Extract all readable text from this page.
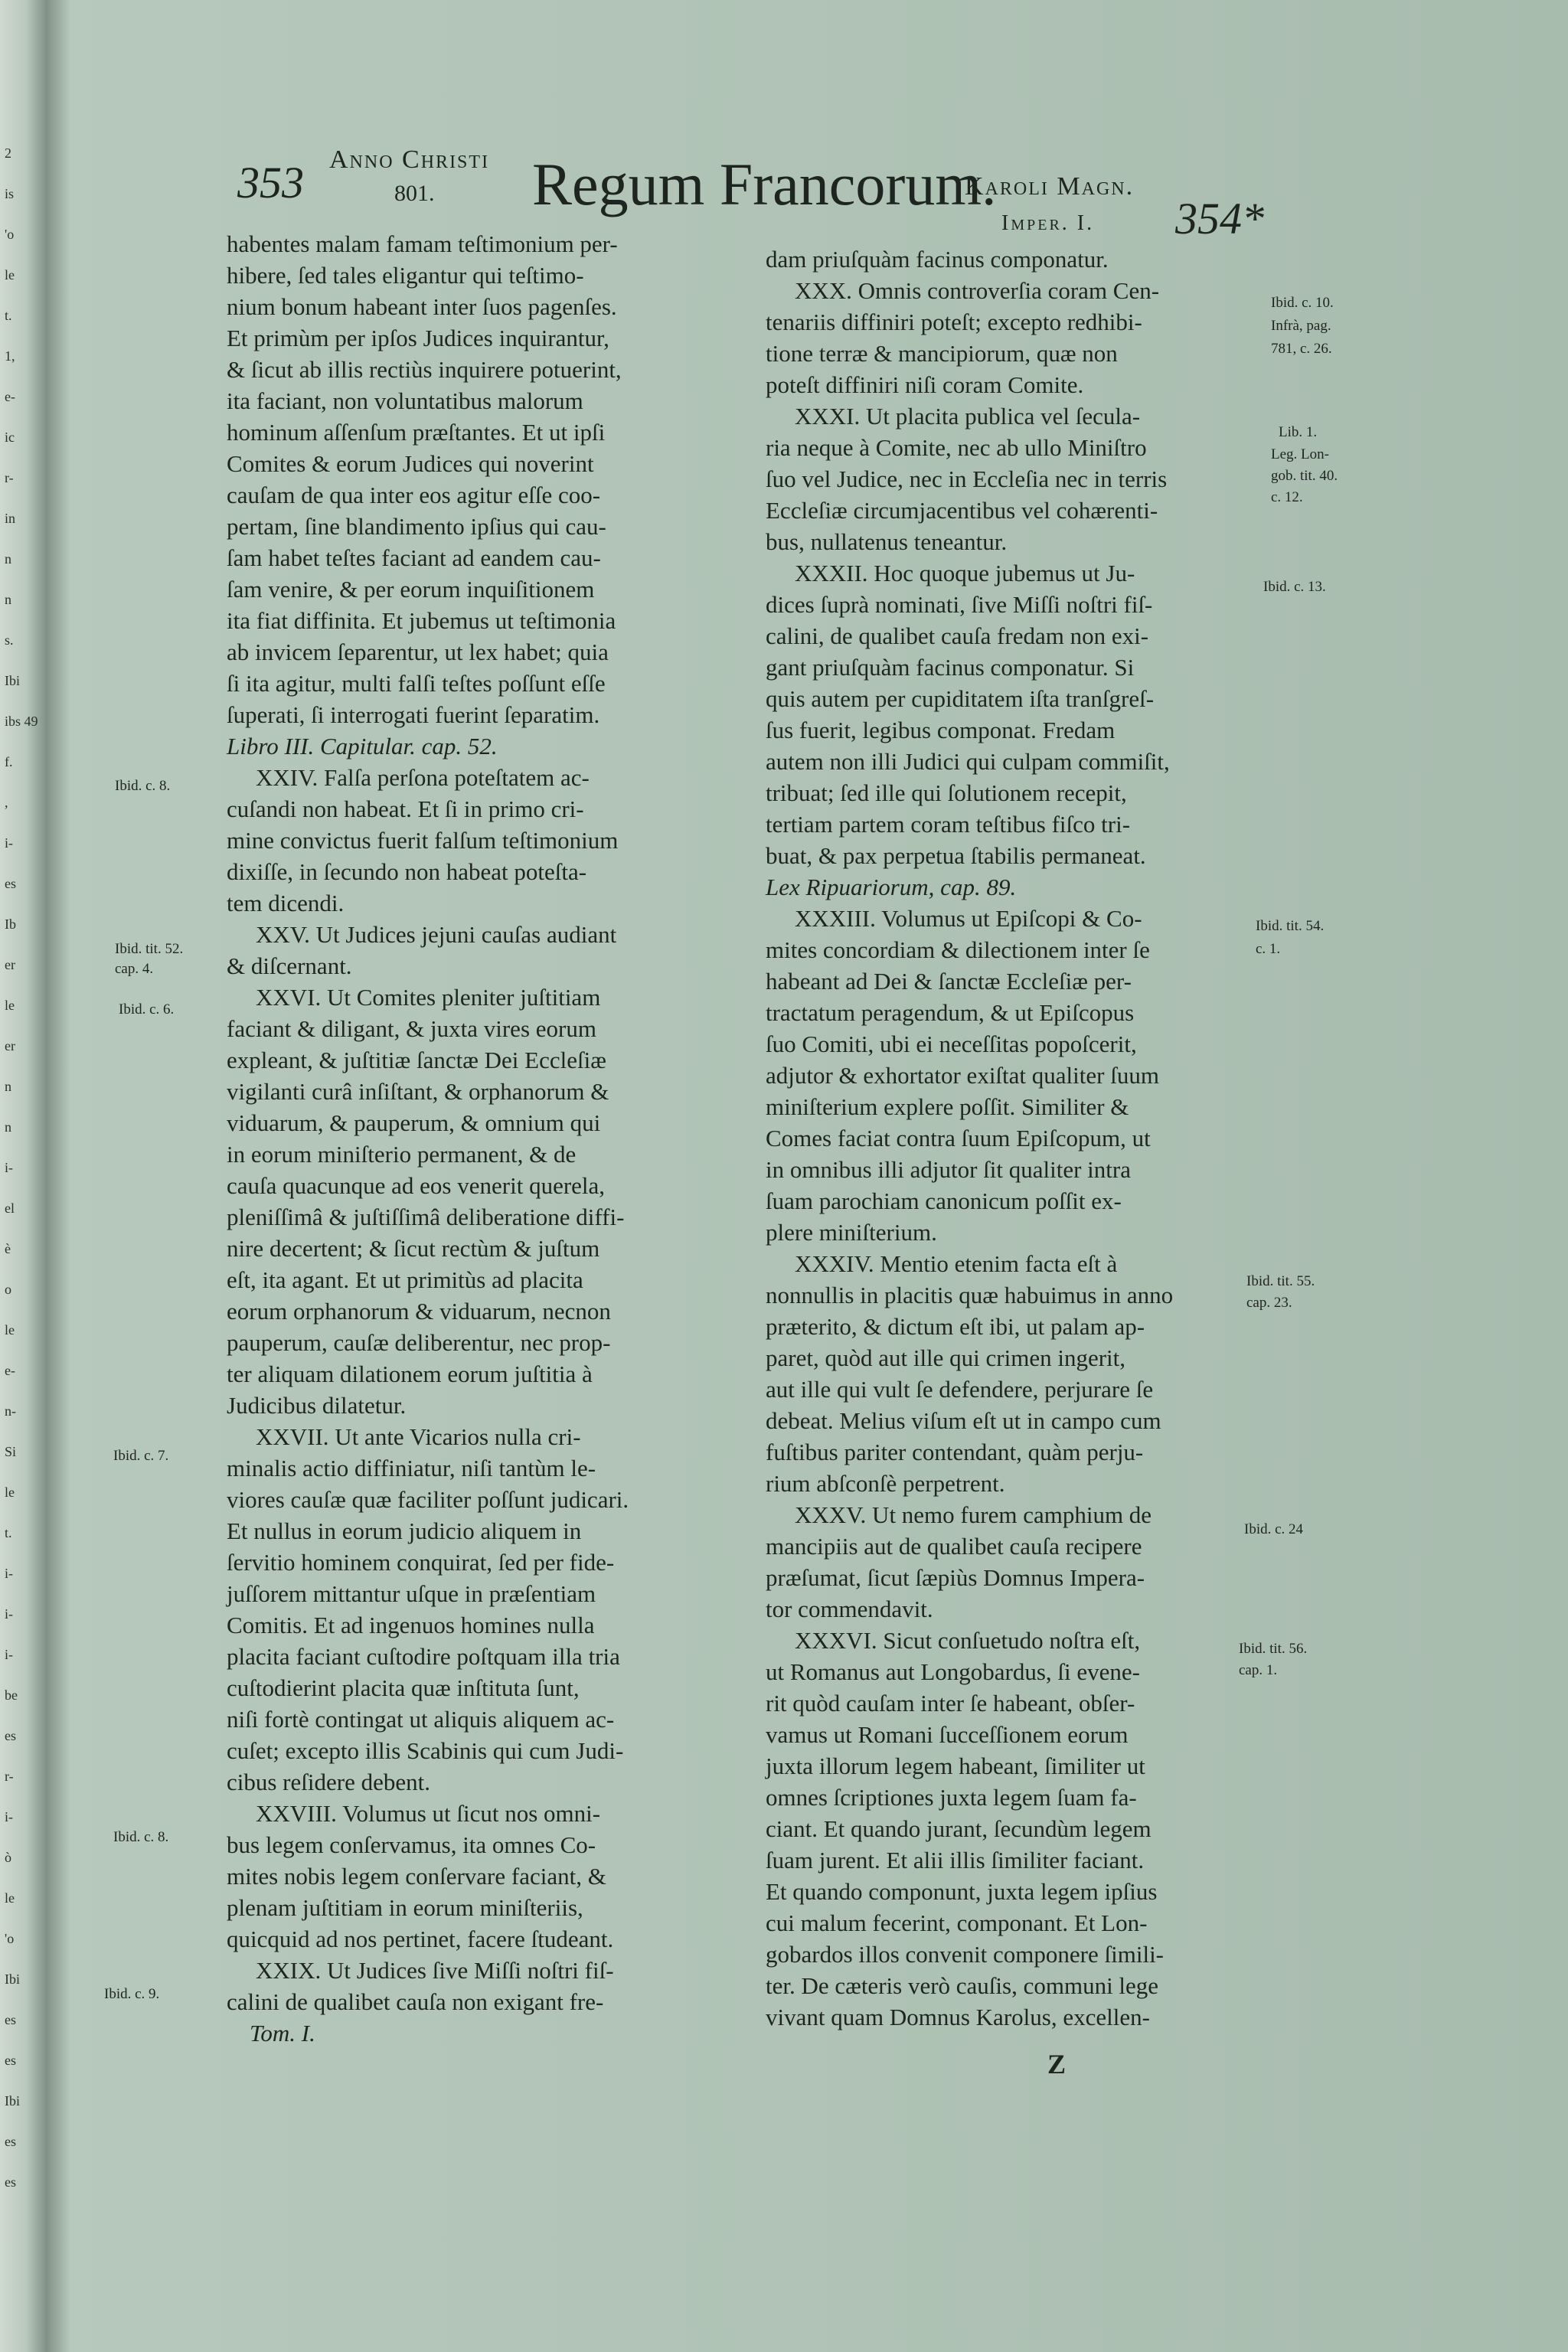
2
is
'o
le
t.
1,
e-
ic
r-
in
n
n
s.
Ibi
ibs 49
f.
,
i-
es
Ib
er
le
er
n
n
i-
el
è
o
le
e-
n-
Si
le
t.
i-
i-
i-
be
es
r-
i-
ò
le
'o
Ibi
es
es
Ibi
es
es
353 Anno Christi
801. Regum Francorum.
Karoli Magn.
Imper. I. 354*

habentes malam famam teſtimonium per-

hibere, ſed tales eligantur qui teſtimo-

nium bonum habeant inter ſuos pagenſes.

Et primùm per ipſos Judices inquirantur,

& ſicut ab illis rectiùs inquirere potuerint,

ita faciant, non voluntatibus malorum

hominum aſſenſum præſtantes. Et ut ipſi

Comites & eorum Judices qui noverint

cauſam de qua inter eos agitur eſſe coo-

pertam, ſine blandimento ipſius qui cau-

ſam habet teſtes faciant ad eandem cau-

ſam venire, & per eorum inquiſitionem

ita fiat diffinita. Et jubemus ut teſtimonia

ab invicem ſeparentur, ut lex habet; quia

ſi ita agitur, multi falſi teſtes poſſunt eſſe

ſuperati, ſi interrogati fuerint ſeparatim.

Libro III. Capitular. cap. 52.

XXIV. Falſa perſona poteſtatem ac-

cuſandi non habeat. Et ſi in primo cri-

mine convictus fuerit falſum teſtimonium

dixiſſe, in ſecundo non habeat poteſta-

tem dicendi.

XXV. Ut Judices jejuni cauſas audiant

& diſcernant.

XXVI. Ut Comites pleniter juſtitiam

faciant & diligant, & juxta vires eorum

expleant, & juſtitiæ ſanctæ Dei Eccleſiæ

vigilanti curâ inſiſtant, & orphanorum &

viduarum, & pauperum, & omnium qui

in eorum miniſterio permanent, & de

cauſa quacunque ad eos venerit querela,

pleniſſimâ & juſtiſſimâ deliberatione diffi-

nire decertent; & ſicut rectùm & juſtum

eſt, ita agant. Et ut primitùs ad placita

eorum orphanorum & viduarum, necnon

pauperum, cauſæ deliberentur, nec prop-

ter aliquam dilationem eorum juſtitia à

Judicibus dilatetur.

XXVII. Ut ante Vicarios nulla cri-

minalis actio diffiniatur, niſi tantùm le-

viores cauſæ quæ faciliter poſſunt judicari.

Et nullus in eorum judicio aliquem in

ſervitio hominem conquirat, ſed per fide-

juſſorem mittantur uſque in præſentiam

Comitis. Et ad ingenuos homines nulla

placita faciant cuſtodire poſtquam illa tria

cuſtodierint placita quæ inſtituta ſunt,

niſi fortè contingat ut aliquis aliquem ac-

cuſet; excepto illis Scabinis qui cum Judi-

cibus reſidere debent.

XXVIII. Volumus ut ſicut nos omni-

bus legem conſervamus, ita omnes Co-

mites nobis legem conſervare faciant, &

plenam juſtitiam in eorum miniſteriis,

quicquid ad nos pertinet, facere ſtudeant.

XXIX. Ut Judices ſive Miſſi noſtri fiſ-

calini de qualibet cauſa non exigant fre-

Tom. I.

dam priuſquàm facinus componatur.

XXX. Omnis controverſia coram Cen-

tenariis diffiniri poteſt; excepto redhibi-

tione terræ & mancipiorum, quæ non

poteſt diffiniri niſi coram Comite.

XXXI. Ut placita publica vel ſecula-

ria neque à Comite, nec ab ullo Miniſtro

ſuo vel Judice, nec in Eccleſia nec in terris

Eccleſiæ circumjacentibus vel cohærenti-

bus, nullatenus teneantur.

XXXII. Hoc quoque jubemus ut Ju-

dices ſuprà nominati, ſive Miſſi noſtri fiſ-

calini, de qualibet cauſa fredam non exi-

gant priuſquàm facinus componatur. Si

quis autem per cupiditatem iſta tranſgreſ-

ſus fuerit, legibus componat. Fredam

autem non illi Judici qui culpam commiſit,

tribuat; ſed ille qui ſolutionem recepit,

tertiam partem coram teſtibus fiſco tri-

buat, & pax perpetua ſtabilis permaneat.

Lex Ripuariorum, cap. 89.

XXXIII. Volumus ut Epiſcopi & Co-

mites concordiam & dilectionem inter ſe

habeant ad Dei & ſanctæ Eccleſiæ per-

tractatum peragendum, & ut Epiſcopus

ſuo Comiti, ubi ei neceſſitas popoſcerit,

adjutor & exhortator exiſtat qualiter ſuum

miniſterium explere poſſit. Similiter &

Comes faciat contra ſuum Epiſcopum, ut

in omnibus illi adjutor ſit qualiter intra

ſuam parochiam canonicum poſſit ex-

plere miniſterium.

XXXIV. Mentio etenim facta eſt à

nonnullis in placitis quæ habuimus in anno

præterito, & dictum eſt ibi, ut palam ap-

paret, quòd aut ille qui crimen ingerit,

aut ille qui vult ſe defendere, perjurare ſe

debeat. Melius viſum eſt ut in campo cum

fuſtibus pariter contendant, quàm perju-

rium abſconſè perpetrent.

XXXV. Ut nemo furem camphium de

mancipiis aut de qualibet cauſa recipere

præſumat, ſicut ſæpiùs Domnus Impera-

tor commendavit.

XXXVI. Sicut conſuetudo noſtra eſt,

ut Romanus aut Longobardus, ſi evene-

rit quòd cauſam inter ſe habeant, obſer-

vamus ut Romani ſucceſſionem eorum

juxta illorum legem habeant, ſimiliter ut

omnes ſcriptiones juxta legem ſuam fa-

ciant. Et quando jurant, ſecundùm legem

ſuam jurent. Et alii illis ſimiliter faciant.

Et quando componunt, juxta legem ipſius

cui malum fecerint, componant. Et Lon-

gobardos illos convenit componere ſimili-

ter. De cæteris verò cauſis, communi lege

vivant quam Domnus Karolus, excellen-

Ibid. c. 8.
Ibid. tit. 52.
cap. 4.
Ibid. c. 6.
Ibid. c. 7.
Ibid. c. 8.
Ibid. c. 9.
Ibid. c. 10.
Infrà, pag.
781, c. 26.
Lib. 1.
Leg. Lon-
gob. tit. 40.
c. 12.
Ibid. c. 13.
Ibid. tit. 54.
c. 1.
Ibid. tit. 55.
cap. 23.
Ibid. c. 24
Ibid. tit. 56.
cap. 1.
Z
